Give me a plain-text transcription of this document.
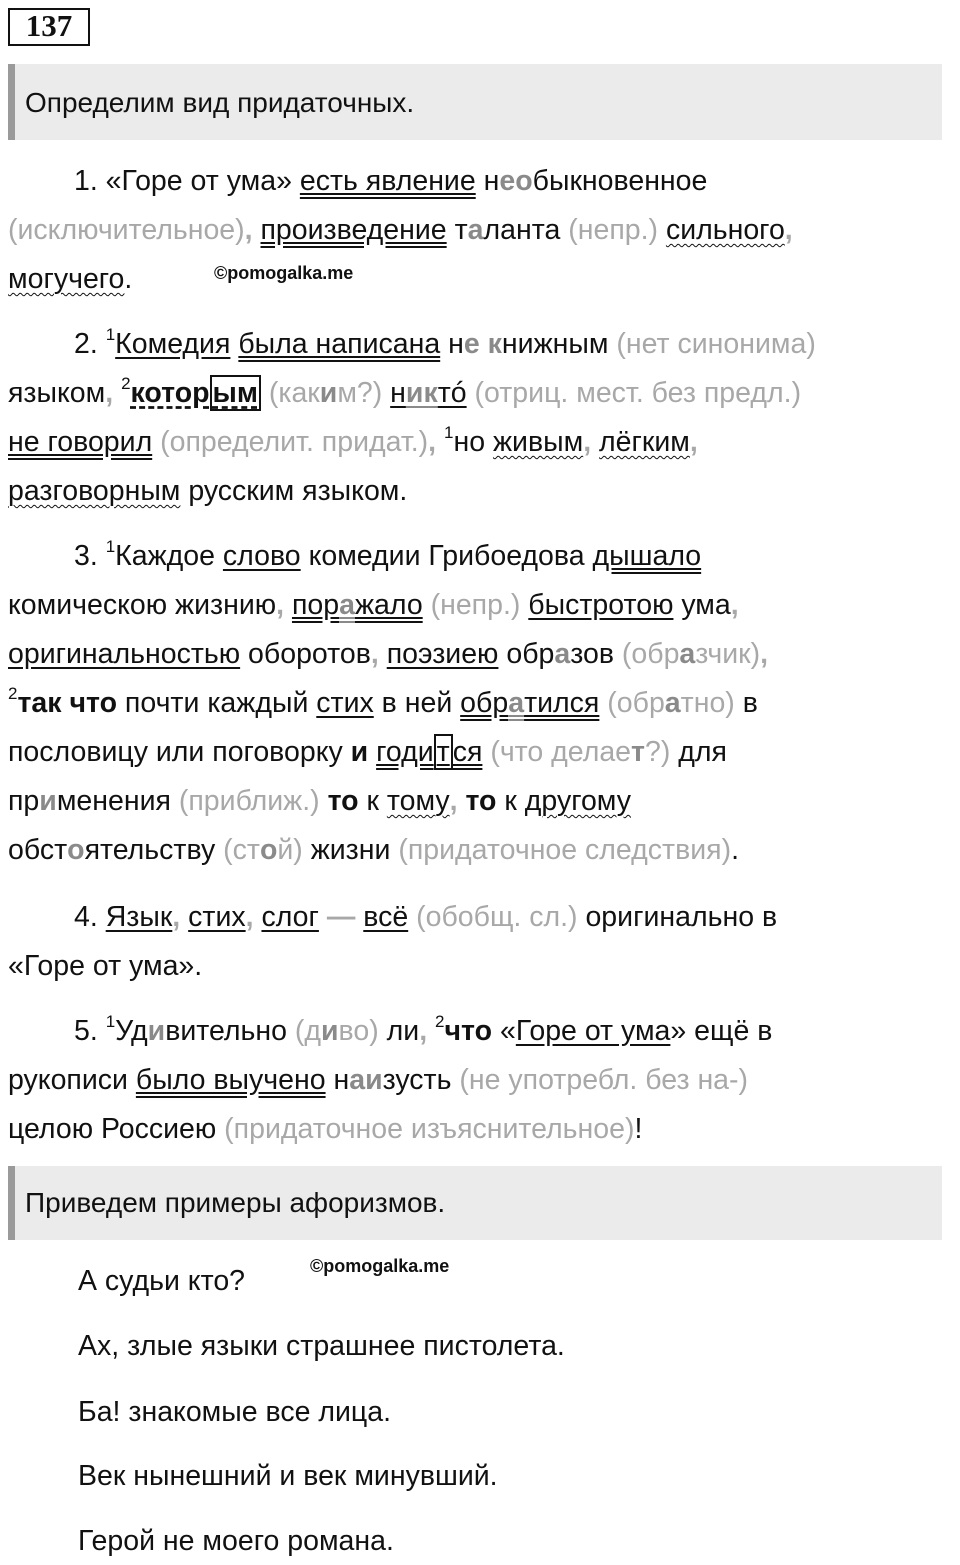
137
Определим вид придаточных.
1. «Горе от ума» есть явление необыкновенное
(исключительное), произведение таланта (непр.) сильного,
могучего.	©pomogalka.me
2. $^1$Комедия была написана не книжным (нет синонима)
языком, $^2$котор ым (каким?) никтó (отриц. мест. без предл.)
не говорил (определит. придат.), $^1$но живым, лёгким,
разговорным русским языком.
3. $^1$Каждое слово комедии Грибоедова дышало
комическою жизнию, поражало (непр.) быстротою ума,
оригинальностью оборотов, поэзиею образов (образчик),
$^2$так что почти каждый стих в ней обратился (обратно) в
пословицу или поговорку и годи т ся (что делает?) для
применения (приближ.) то к тому, то к другому
обстоятельству (стой) жизни (придаточное следствия).
4. Язык, стих, слог — всё (обобщ. сл.) оригинально в
«Горе от ума».
5. $^1$Удивительно (диво) ли, $^2$что «Горе от ума» ещё в
рукописи было выучено наизусть (не употребл. без на-)
целою Россиею (придаточное изъяснительное)!
Приведем примеры афоризмов.
©pomogalka.me
А судьи кто?
Ах, злые языки страшнее пистолета.
Ба! знакомые все лица.
Век нынешний и век минувший.
Герой не моего романа.
